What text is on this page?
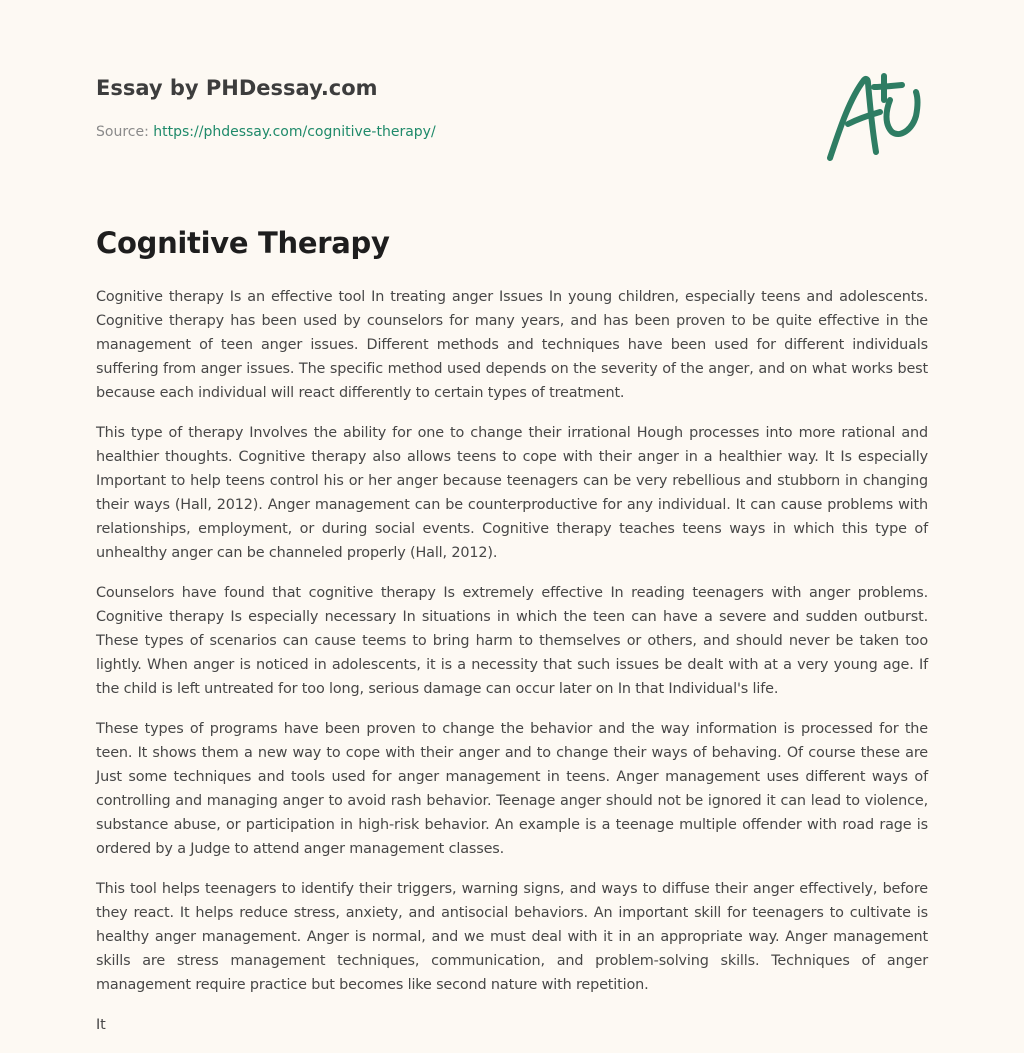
Essay by PHDessay.com
Source: https://phdessay.com/cognitive-therapy/
Cognitive Therapy

Cognitive therapy Is an effective tool In treating anger Issues In young children, especially teens and adolescents. Cognitive therapy has been used by counselors for many years, and has been proven to be quite effective in the management of teen anger issues. Different methods and techniques have been used for different individuals suffering from anger issues. The specific method used depends on the severity of the anger, and on what works best because each individual will react differently to certain types of treatment.

This type of therapy Involves the ability for one to change their irrational Hough processes into more rational and healthier thoughts. Cognitive therapy also allows teens to cope with their anger in a healthier way. It Is especially Important to help teens control his or her anger because teenagers can be very rebellious and stubborn in changing their ways (Hall, 2012). Anger management can be counterproductive for any individual. It can cause problems with relationships, employment, or during social events. Cognitive therapy teaches teens ways in which this type of unhealthy anger can be channeled properly (Hall, 2012).

Counselors have found that cognitive therapy Is extremely effective In reading teenagers with anger problems. Cognitive therapy Is especially necessary In situations in which the teen can have a severe and sudden outburst. These types of scenarios can cause teems to bring harm to themselves or others, and should never be taken too lightly. When anger is noticed in adolescents, it is a necessity that such issues be dealt with at a very young age. If the child is left untreated for too long, serious damage can occur later on In that Individual's life.

These types of programs have been proven to change the behavior and the way information is processed for the teen. It shows them a new way to cope with their anger and to change their ways of behaving. Of course these are Just some techniques and tools used for anger management in teens. Anger management uses different ways of controlling and managing anger to avoid rash behavior. Teenage anger should not be ignored it can lead to violence, substance abuse, or participation in high-risk behavior. An example is a teenage multiple offender with road rage is ordered by a Judge to attend anger management classes.

This tool helps teenagers to identify their triggers, warning signs, and ways to diffuse their anger effectively, before they react. It helps reduce stress, anxiety, and antisocial behaviors. An important skill for teenagers to cultivate is healthy anger management. Anger is normal, and we must deal with it in an appropriate way. Anger management skills are stress management techniques, communication, and problem-solving skills. Techniques of anger management require practice but becomes like second nature with repetition.

It
